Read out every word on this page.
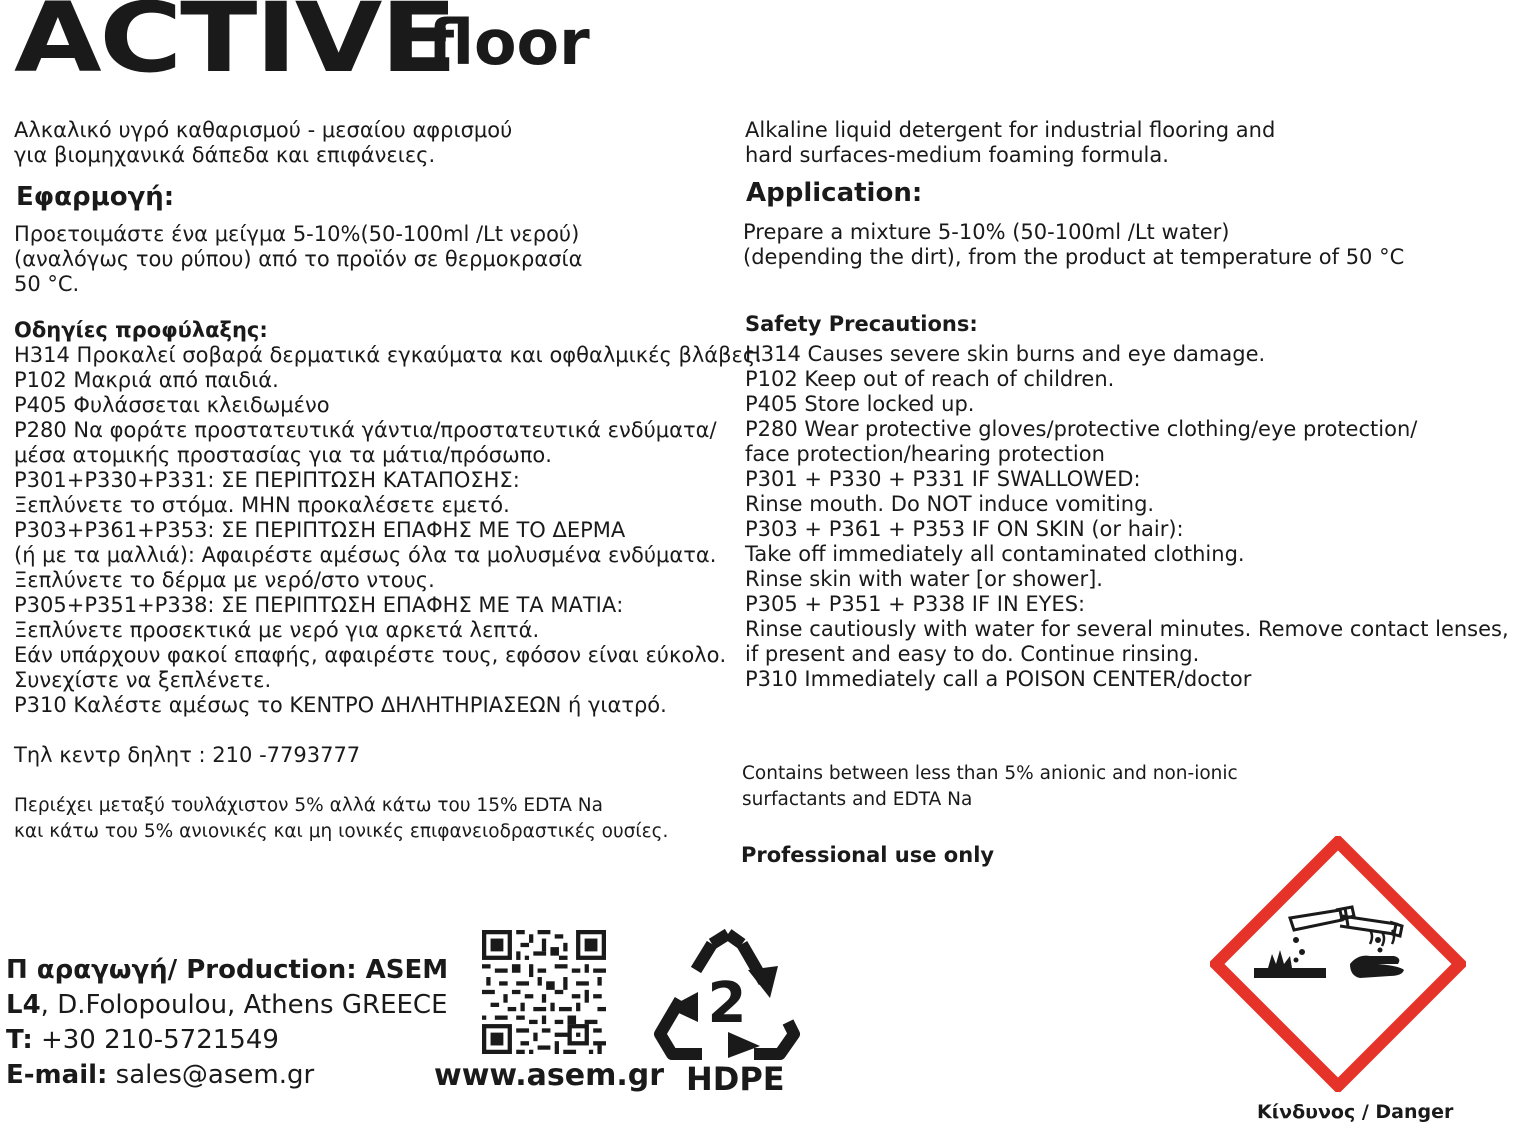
ACTIVE
floor
Αλκαλικό υγρό καθαρισμού - μεσαίου αφρισμού
για βιομηχανικά δάπεδα και επιφάνειες.
Εφαρμογή:
Προετοιμάστε ένα μείγμα 5-10%(50-100ml /Lt νερού)
(αναλόγως του ρύπου) από το προϊόν σε θερμοκρασία
50 °C.
Οδηγίες προφύλαξης:
H314 Προκαλεί σοβαρά δερματικά εγκαύματα και οφθαλμικές βλάβες.
P102 Μακριά από παιδιά.
P405 Φυλάσσεται κλειδωμένο
P280 Να φοράτε προστατευτικά γάντια/προστατευτικά ενδύματα/
μέσα ατομικής προστασίας για τα μάτια/πρόσωπο.
P301+P330+P331: ΣΕ ΠΕΡΙΠΤΩΣΗ ΚΑΤΑΠΟΣΗΣ:
Ξεπλύνετε το στόμα. ΜΗΝ προκαλέσετε εμετό.
P303+P361+P353: ΣΕ ΠΕΡΙΠΤΩΣΗ ΕΠΑΦΗΣ ΜΕ ΤΟ ΔΕΡΜΑ
(ή με τα μαλλιά): Αφαιρέστε αμέσως όλα τα μολυσμένα ενδύματα.
Ξεπλύνετε το δέρμα με νερό/στο ντους.
P305+P351+P338: ΣΕ ΠΕΡΙΠΤΩΣΗ ΕΠΑΦΗΣ ΜΕ ΤΑ ΜΑΤΙΑ:
Ξεπλύνετε προσεκτικά με νερό για αρκετά λεπτά.
Εάν υπάρχουν φακοί επαφής, αφαιρέστε τους, εφόσον είναι εύκολο.
Συνεχίστε να ξεπλένετε.
P310 Καλέστε αμέσως το ΚΕΝΤΡΟ ΔΗΛΗΤΗΡΙΑΣΕΩΝ ή γιατρό.
Τηλ κεντρ δηλητ : 210 -7793777
Περιέχει μεταξύ τουλάχιστον 5% αλλά κάτω του 15% EDTA Na
και κάτω του 5% ανιονικές και μη ιονικές επιφανειοδραστικές ουσίες.
Alkaline liquid detergent for industrial flooring and
hard surfaces-medium foaming formula.
Application:
Prepare a mixture 5-10% (50-100ml /Lt water)
(depending the dirt), from the product at temperature of 50 °C
Safety Precautions:
H314 Causes severe skin burns and eye damage.
P102 Keep out of reach of children.
P405 Store locked up.
P280 Wear protective gloves/protective clothing/eye protection/
face protection/hearing protection
P301 + P330 + P331 IF SWALLOWED:
Rinse mouth. Do NOT induce vomiting.
P303 + P361 + P353 IF ON SKIN (or hair):
Take off immediately all contaminated clothing.
Rinse skin with water [or shower].
P305 + P351 + P338 IF IN EYES:
Rinse cautiously with water for several minutes. Remove contact lenses,
if present and easy to do. Continue rinsing.
P310 Immediately call a POISON CENTER/doctor
Contains between less than 5% anionic and non-ionic
surfactants and EDTA Na
Professional use only
Π αραγωγή/ Production: ASEM
L4, D.Folopoulou, Athens GREECE
T: +30 210-5721549
E-mail: sales@asem.gr	www.asem.gr
2
HDPE
Κίνδυνος / Danger
